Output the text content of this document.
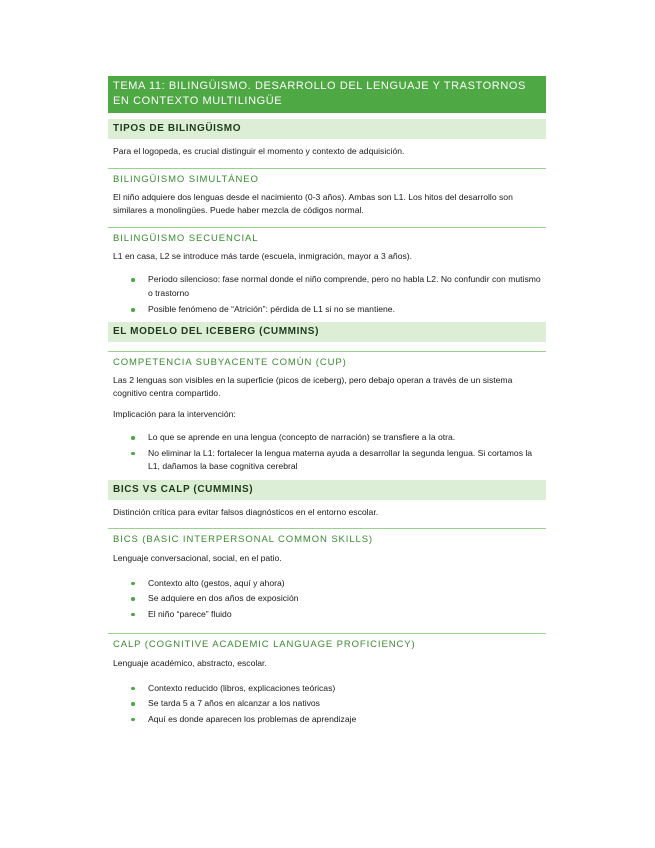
TEMA 11: BILINGÜISMO. DESARROLLO DEL LENGUAJE Y TRASTORNOS EN CONTEXTO MULTILINGÜE
TIPOS DE BILINGÜISMO
Para el logopeda, es crucial distinguir el momento y contexto de adquisición.
BILINGÜISMO SIMULTÁNEO
El niño adquiere dos lenguas desde el nacimiento (0-3 años). Ambas son L1. Los hitos del desarrollo son similares a monolingües. Puede haber mezcla de códigos normal.
BILINGÜISMO SECUENCIAL
L1 en casa, L2 se introduce más tarde (escuela, inmigración, mayor a 3 años).
Periodo silencioso: fase normal donde el niño comprende, pero no habla L2. No confundir con mutismo o trastorno
Posible fenómeno de “Atrición”: pérdida de L1 si no se mantiene.
EL MODELO DEL ICEBERG (CUMMINS)
COMPETENCIA SUBYACENTE COMÚN (CUP)
Las 2 lenguas son visibles en la superficie (picos de iceberg), pero debajo operan a través de un sistema cognitivo centra compartido.
Implicación para la intervención:
Lo que se aprende en una lengua (concepto de narración) se transfiere a la otra.
No eliminar la L1: fortalecer la lengua materna ayuda a desarrollar la segunda lengua. Si cortamos la L1, dañamos la base cognitiva cerebral
BICS VS CALP (CUMMINS)
Distinción crítica para evitar falsos diagnósticos en el entorno escolar.
BICS (BASIC INTERPERSONAL COMMON SKILLS)
Lenguaje conversacional, social, en el patio.
Contexto alto (gestos, aquí y ahora)
Se adquiere en dos años de exposición
El niño “parece” fluido
CALP (COGNITIVE ACADEMIC LANGUAGE PROFICIENCY)
Lenguaje académico, abstracto, escolar.
Contexto reducido (libros, explicaciones teóricas)
Se tarda 5 a 7 años en alcanzar a los nativos
Aquí es donde aparecen los problemas de aprendizaje
